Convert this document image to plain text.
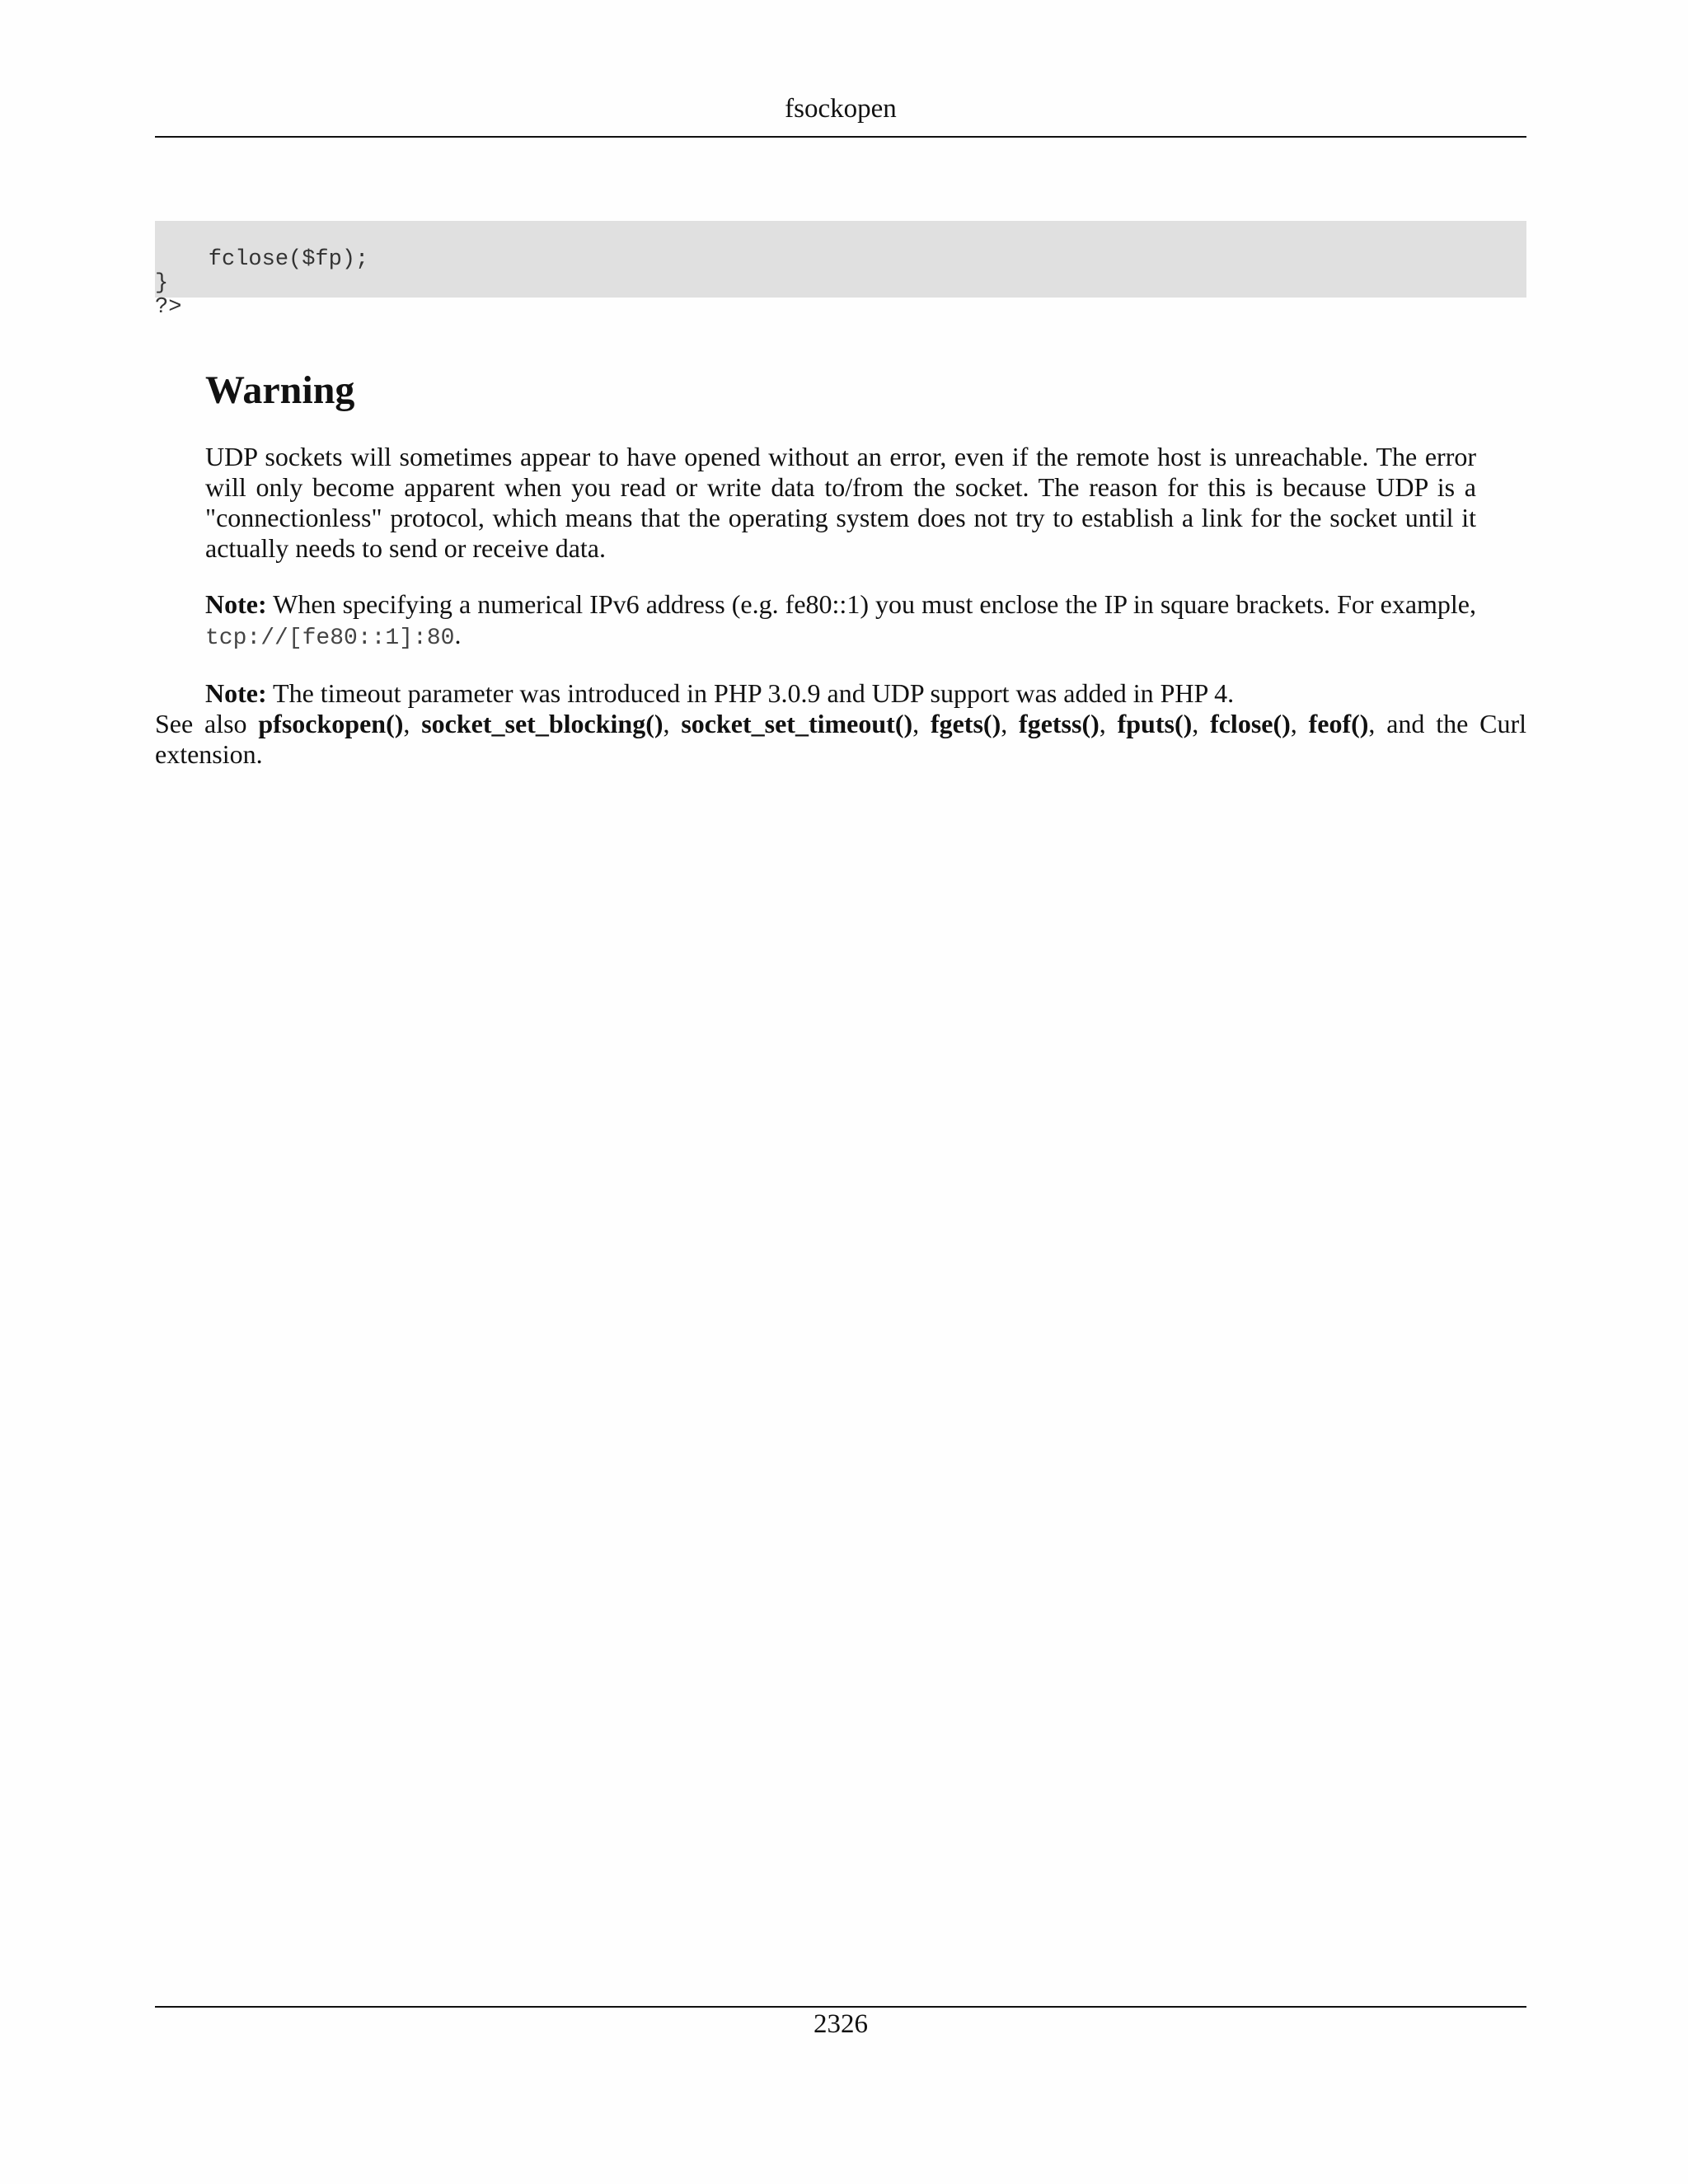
fsockopen

fclose($fp);
}
?>

Warning
UDP sockets will sometimes appear to have opened without an error, even if the remote host is unreachable. The error will only become apparent when you read or write data to/from the socket. The reason for this is because UDP is a "connectionless" protocol, which means that the operating system does not try to establish a link for the socket until it actually needs to send or receive data.
Note: When specifying a numerical IPv6 address (e.g. fe80::1) you must enclose the IP in square brackets. For example, tcp://[fe80::1]:80.
Note: The timeout parameter was introduced in PHP 3.0.9 and UDP support was added in PHP 4.
See also pfsockopen(), socket_set_blocking(), socket_set_timeout(), fgets(), fgetss(), fputs(), fclose(), feof(), and the Curl extension.
2326
